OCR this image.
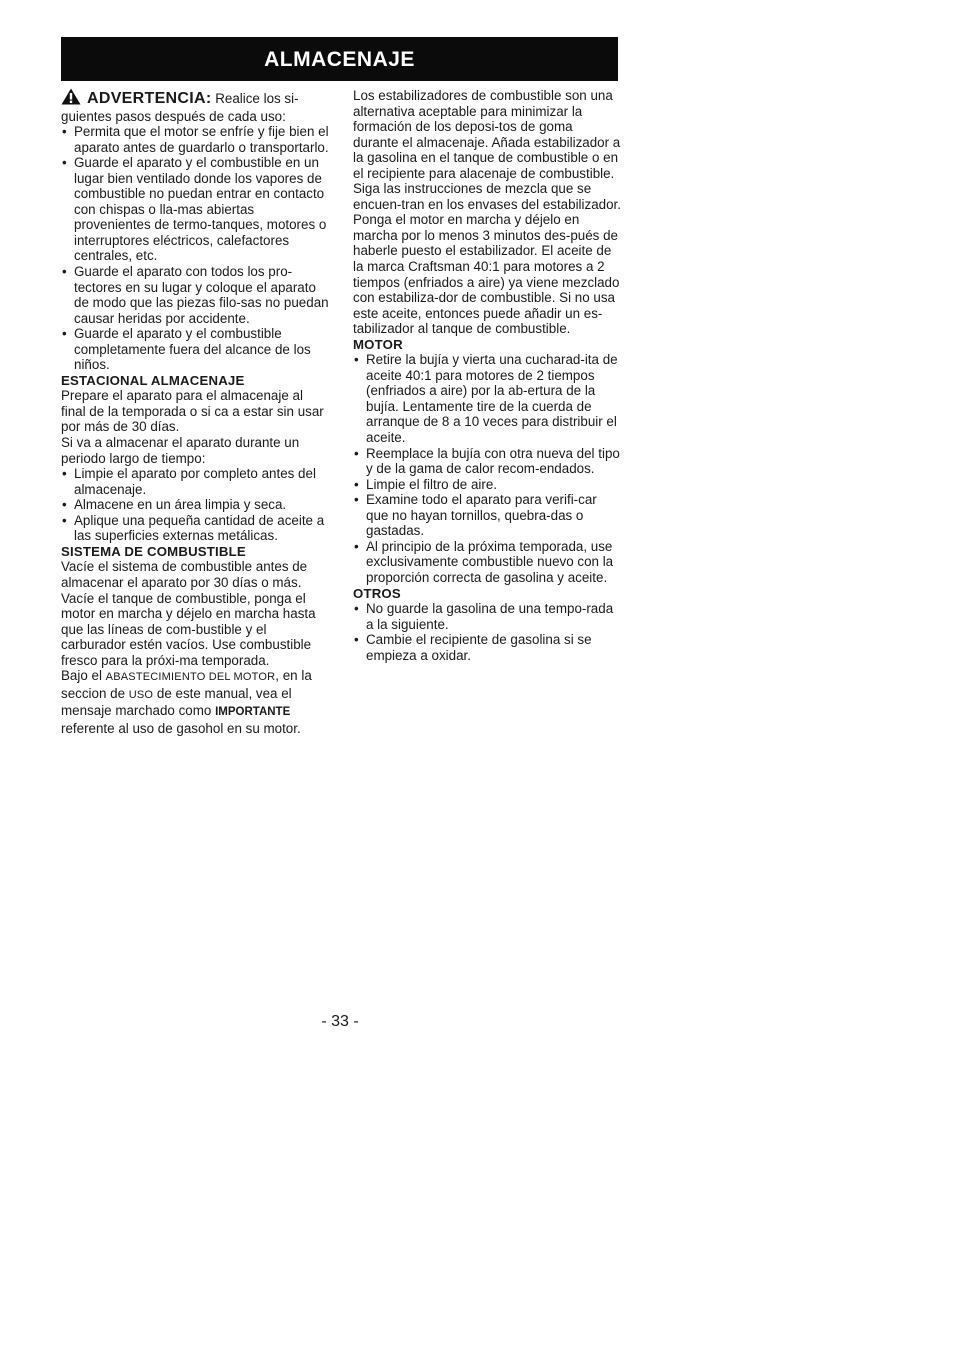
ALMACENAJE

ADVERTENCIA: Realice los si-guientes pasos después de cada uso:

• Permita que el motor se enfríe y fije bien el aparato antes de guardarlo o transportarlo.
• Guarde el aparato y el combustible en un lugar bien ventilado donde los vapores de combustible no puedan entrar en contacto con chispas o lla-mas abiertas provenientes de termo-tanques, motores o interruptores eléctricos, calefactores centrales, etc.
• Guarde el aparato con todos los pro-tectores en su lugar y coloque el aparato de modo que las piezas filo-sas no puedan causar heridas por accidente.
• Guarde el aparato y el combustible completamente fuera del alcance de los niños.

ESTACIONAL ALMACENAJE

Prepare el aparato para el almacenaje al final de la temporada o si ca a estar sin usar por más de 30 días.

Si va a almacenar el aparato durante un periodo largo de tiempo:

• Limpie el aparato por completo antes del almacenaje.
• Almacene en un área limpia y seca.
• Aplique una pequeña cantidad de aceite a las superficies externas metálicas.

SISTEMA DE COMBUSTIBLE

Vacíe el sistema de combustible antes de almacenar el aparato por 30 días o más. Vacíe el tanque de combustible, ponga el motor en marcha y déjelo en marcha hasta que las líneas de com-bustible y el carburador estén vacíos. Use combustible fresco para la próxi-ma temporada.

Bajo el ABASTECIMIENTO DEL MOTOR, en la seccion de USO de este manual, vea el mensaje marchado como IMPORTANTE referente al uso de gasohol en su motor.

Los estabilizadores de combustible son una alternativa aceptable para minimizar la formación de los deposi-tos de goma durante el almacenaje. Añada estabilizador a la gasolina en el tanque de combustible o en el recipiente para alacenaje de combustible. Siga las instrucciones de mezcla que se encuen-tran en los envases del estabilizador. Ponga el motor en marcha y déjelo en marcha por lo menos 3 minutos des-pués de haberle puesto el estabilizador. El aceite de la marca Craftsman 40:1 para motores a 2 tiempos (enfriados a aire) ya viene mezclado con estabiliza-dor de combustible. Si no usa este aceite, entonces puede añadir un es-tabilizador al tanque de combustible.

MOTOR

• Retire la bujía y vierta una cucharad-ita de aceite 40:1 para motores de 2 tiempos (enfriados a aire) por la ab-ertura de la bujía. Lentamente tire de la cuerda de arranque de 8 a 10 veces para distribuir el aceite.
• Reemplace la bujía con otra nueva del tipo y de la gama de calor recom-endados.
• Limpie el filtro de aire.
• Examine todo el aparato para verifi-car que no hayan tornillos, quebra-das o gastadas.
• Al principio de la próxima temporada, use exclusivamente combustible nuevo con la proporción correcta de gasolina y aceite.

OTROS

• No guarde la gasolina de una tempo-rada a la siguiente.
• Cambie el recipiente de gasolina si se empieza a oxidar.
- 33 -
